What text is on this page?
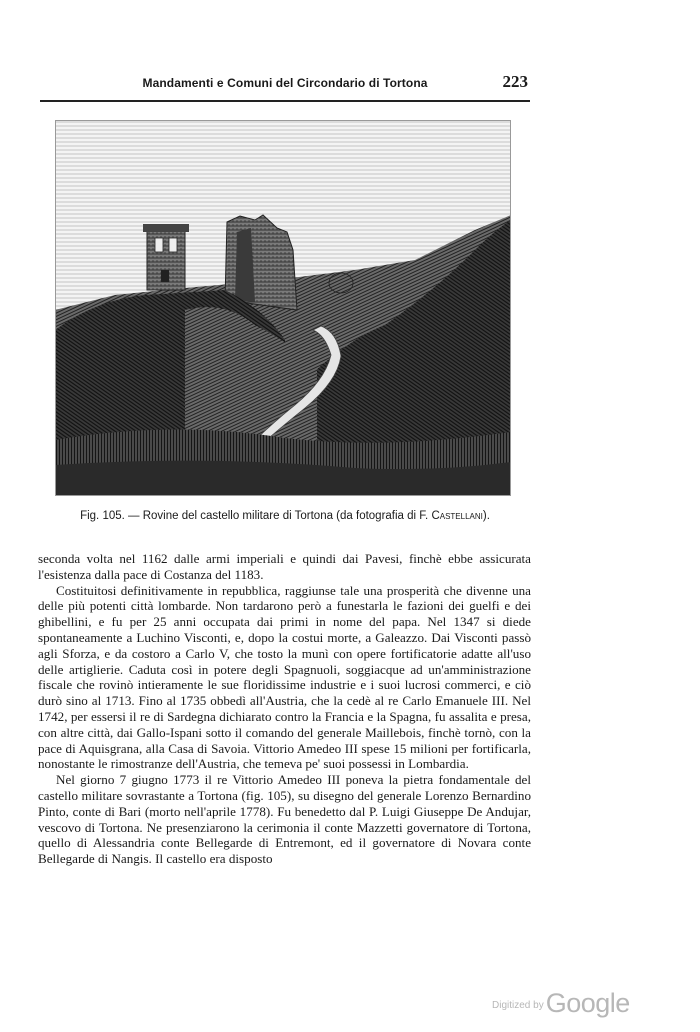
Mandamenti e Comuni del Circondario di Tortona	223
Fig. 105. — Rovine del castello militare di Tortona (da fotografia di F. Castellani).

seconda volta nel 1162 dalle armi imperiali e quindi dai Pavesi, finchè ebbe assicurata l'esistenza dalla pace di Costanza del 1183.

Costituitosi definitivamente in repubblica, raggiunse tale una prosperità che divenne una delle più potenti città lombarde. Non tardarono però a funestarla le fazioni dei guelfi e dei ghibellini, e fu per 25 anni occupata dai primi in nome del papa. Nel 1347 si diede spontaneamente a Luchino Visconti, e, dopo la costui morte, a Galeazzo. Dai Visconti passò agli Sforza, e da costoro a Carlo V, che tosto la munì con opere fortificatorie adatte all'uso delle artiglierie. Caduta così in potere degli Spagnuoli, soggiacque ad un'amministrazione fiscale che rovinò intieramente le sue floridissime industrie e i suoi lucrosi commerci, e ciò durò sino al 1713. Fino al 1735 obbedì all'Austria, che la cedè al re Carlo Emanuele III. Nel 1742, per essersi il re di Sardegna dichiarato contro la Francia e la Spagna, fu assalita e presa, con altre città, dai Gallo-Ispani sotto il comando del generale Maillebois, finchè tornò, con la pace di Aquisgrana, alla Casa di Savoia. Vittorio Amedeo III spese 15 milioni per fortificarla, nonostante le rimostranze dell'Austria, che temeva pe' suoi possessi in Lombardia.

Nel giorno 7 giugno 1773 il re Vittorio Amedeo III poneva la pietra fondamentale del castello militare sovrastante a Tortona (fig. 105), su disegno del generale Lorenzo Bernardino Pinto, conte di Bari (morto nell'aprile 1778). Fu benedetto dal P. Luigi Giuseppe De Andujar, vescovo di Tortona. Ne presenziarono la cerimonia il conte Mazzetti governatore di Tortona, quello di Alessandria conte Bellegarde di Entremont, ed il governatore di Novara conte Bellegarde di Nangis. Il castello era disposto

$^{Digitized by}$Google
